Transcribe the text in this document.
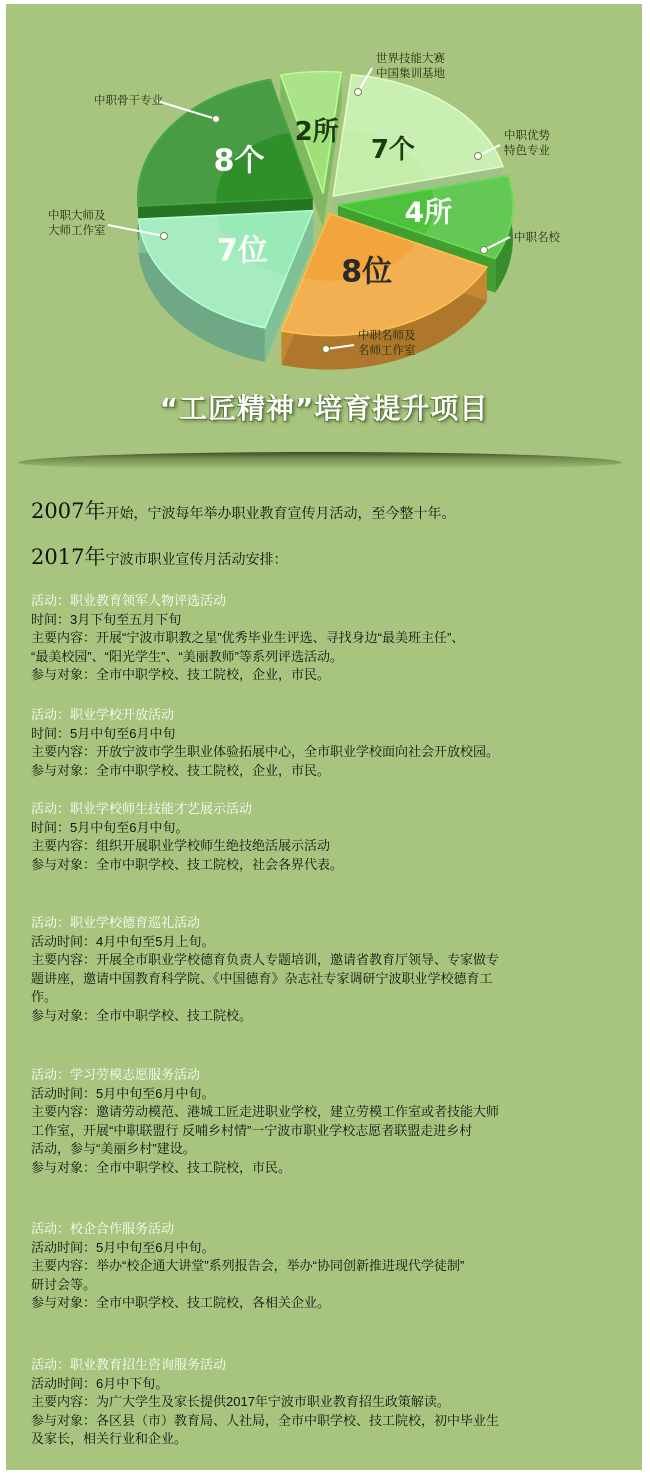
2所
7个
8个
4所
7位
8位
世界技能大赛
中国集训基地
中职优势
特色专业
中职名校
中职名师及
名师工作室
中职大师及
大师工作室
中职骨干专业
“工匠精神”培育提升项目

2007年开始，宁波每年举办职业教育宣传月活动，至今整十年。

2017年宁波市职业宣传月活动安排：

活动：职业教育领军人物评选活动

时间：3月下旬至五月下旬

主要内容：开展“宁波市职教之星”优秀毕业生评选、寻找身边“最美班主任”、

“最美校园”、“阳光学生”、“美丽教师”等系列评选活动。

参与对象：全市中职学校、技工院校，企业，市民。

活动：职业学校开放活动

时间：5月中旬至6月中旬

主要内容：开放宁波市学生职业体验拓展中心，全市职业学校面向社会开放校园。

参与对象：全市中职学校、技工院校，企业，市民。

活动：职业学校师生技能才艺展示活动

时间：5月中旬至6月中旬。

主要内容：组织开展职业学校师生绝技绝活展示活动

参与对象：全市中职学校、技工院校，社会各界代表。

活动：职业学校德育巡礼活动

活动时间：4月中旬至5月上旬。

主要内容：开展全市职业学校德育负责人专题培训，邀请省教育厅领导、专家做专

题讲座，邀请中国教育科学院、《中国德育》杂志社专家调研宁波职业学校德育工

作。

参与对象：全市中职学校、技工院校。

活动：学习劳模志愿服务活动

活动时间：5月中旬至6月中旬。

主要内容：邀请劳动模范、港城工匠走进职业学校，建立劳模工作室或者技能大师

工作室，开展“中职联盟行 反哺乡村情”一宁波市职业学校志愿者联盟走进乡村

活动，参与“美丽乡村”建设。

参与对象：全市中职学校、技工院校，市民。

活动：校企合作服务活动

活动时间：5月中旬至6月中旬。

主要内容：举办“校企通大讲堂”系列报告会，举办“协同创新推进现代学徒制”

研讨会等。

参与对象：全市中职学校、技工院校，各相关企业。

活动：职业教育招生咨询服务活动

活动时间：6月中下旬。

主要内容：为广大学生及家长提供2017年宁波市职业教育招生政策解读。

参与对象：各区县（市）教育局、人社局，全市中职学校、技工院校，初中毕业生

及家长，相关行业和企业。
